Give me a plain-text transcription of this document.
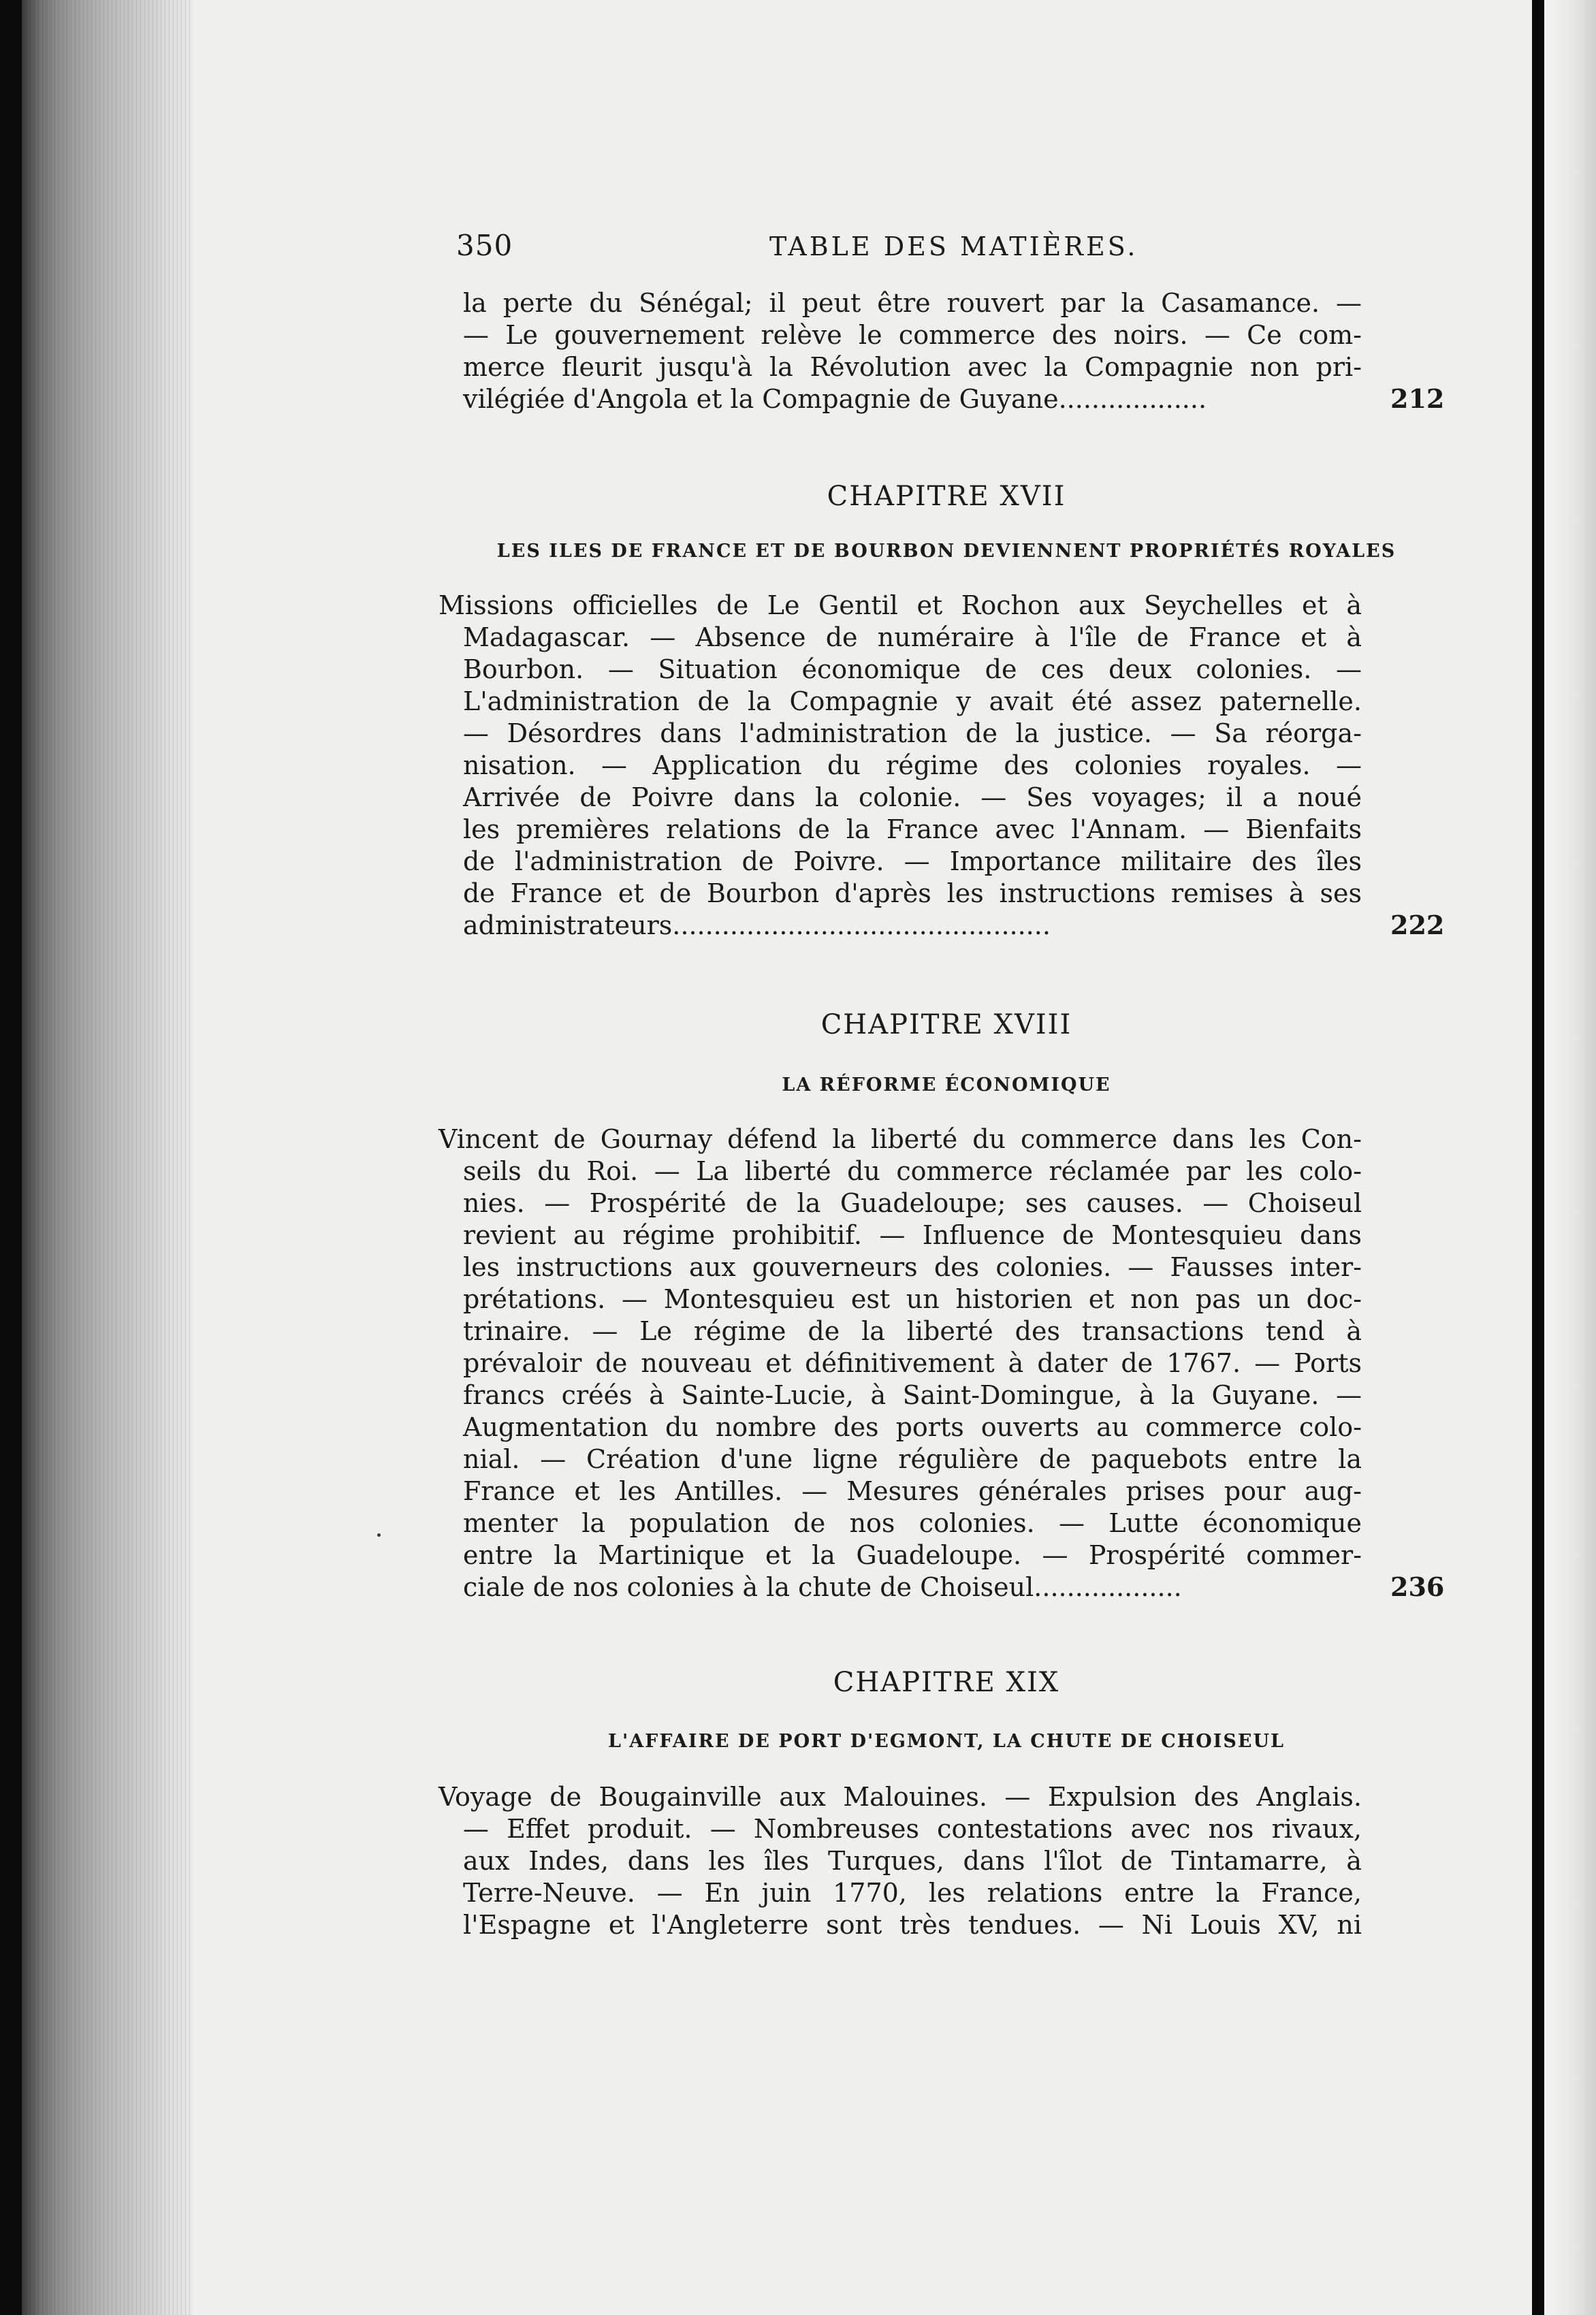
350	TABLE DES MATIÈRES.
la perte du Sénégal; il peut être rouvert par la Casamance. —
— Le gouvernement relève le commerce des noirs. — Ce com-
merce fleurit jusqu'à la Révolution avec la Compagnie non pri-
vilégiée d'Angola et la Compagnie de Guyane..................	212
CHAPITRE XVII
LES ILES DE FRANCE ET DE BOURBON DEVIENNENT PROPRIÉTÉS ROYALES
Missions officielles de Le Gentil et Rochon aux Seychelles et à
Madagascar. — Absence de numéraire à l'île de France et à
Bourbon. — Situation économique de ces deux colonies. —
L'administration de la Compagnie y avait été assez paternelle.
— Désordres dans l'administration de la justice. — Sa réorga-
nisation. — Application du régime des colonies royales. —
Arrivée de Poivre dans la colonie. — Ses voyages; il a noué
les premières relations de la France avec l'Annam. — Bienfaits
de l'administration de Poivre. — Importance militaire des îles
de France et de Bourbon d'après les instructions remises à ses
administrateurs..............................................	222
CHAPITRE XVIII
LA RÉFORME ÉCONOMIQUE
Vincent de Gournay défend la liberté du commerce dans les Con-
seils du Roi. — La liberté du commerce réclamée par les colo-
nies. — Prospérité de la Guadeloupe; ses causes. — Choiseul
revient au régime prohibitif. — Influence de Montesquieu dans
les instructions aux gouverneurs des colonies. — Fausses inter-
prétations. — Montesquieu est un historien et non pas un doc-
trinaire. — Le régime de la liberté des transactions tend à
prévaloir de nouveau et définitivement à dater de 1767. — Ports
francs créés à Sainte-Lucie, à Saint-Domingue, à la Guyane. —
Augmentation du nombre des ports ouverts au commerce colo-
nial. — Création d'une ligne régulière de paquebots entre la
France et les Antilles. — Mesures générales prises pour aug-
menter la population de nos colonies. — Lutte économique
entre la Martinique et la Guadeloupe. — Prospérité commer-
ciale de nos colonies à la chute de Choiseul..................	236
CHAPITRE XIX
L'AFFAIRE DE PORT D'EGMONT, LA CHUTE DE CHOISEUL
Voyage de Bougainville aux Malouines. — Expulsion des Anglais.
— Effet produit. — Nombreuses contestations avec nos rivaux,
aux Indes, dans les îles Turques, dans l'îlot de Tintamarre, à
Terre-Neuve. — En juin 1770, les relations entre la France,
l'Espagne et l'Angleterre sont très tendues. — Ni Louis XV, ni
